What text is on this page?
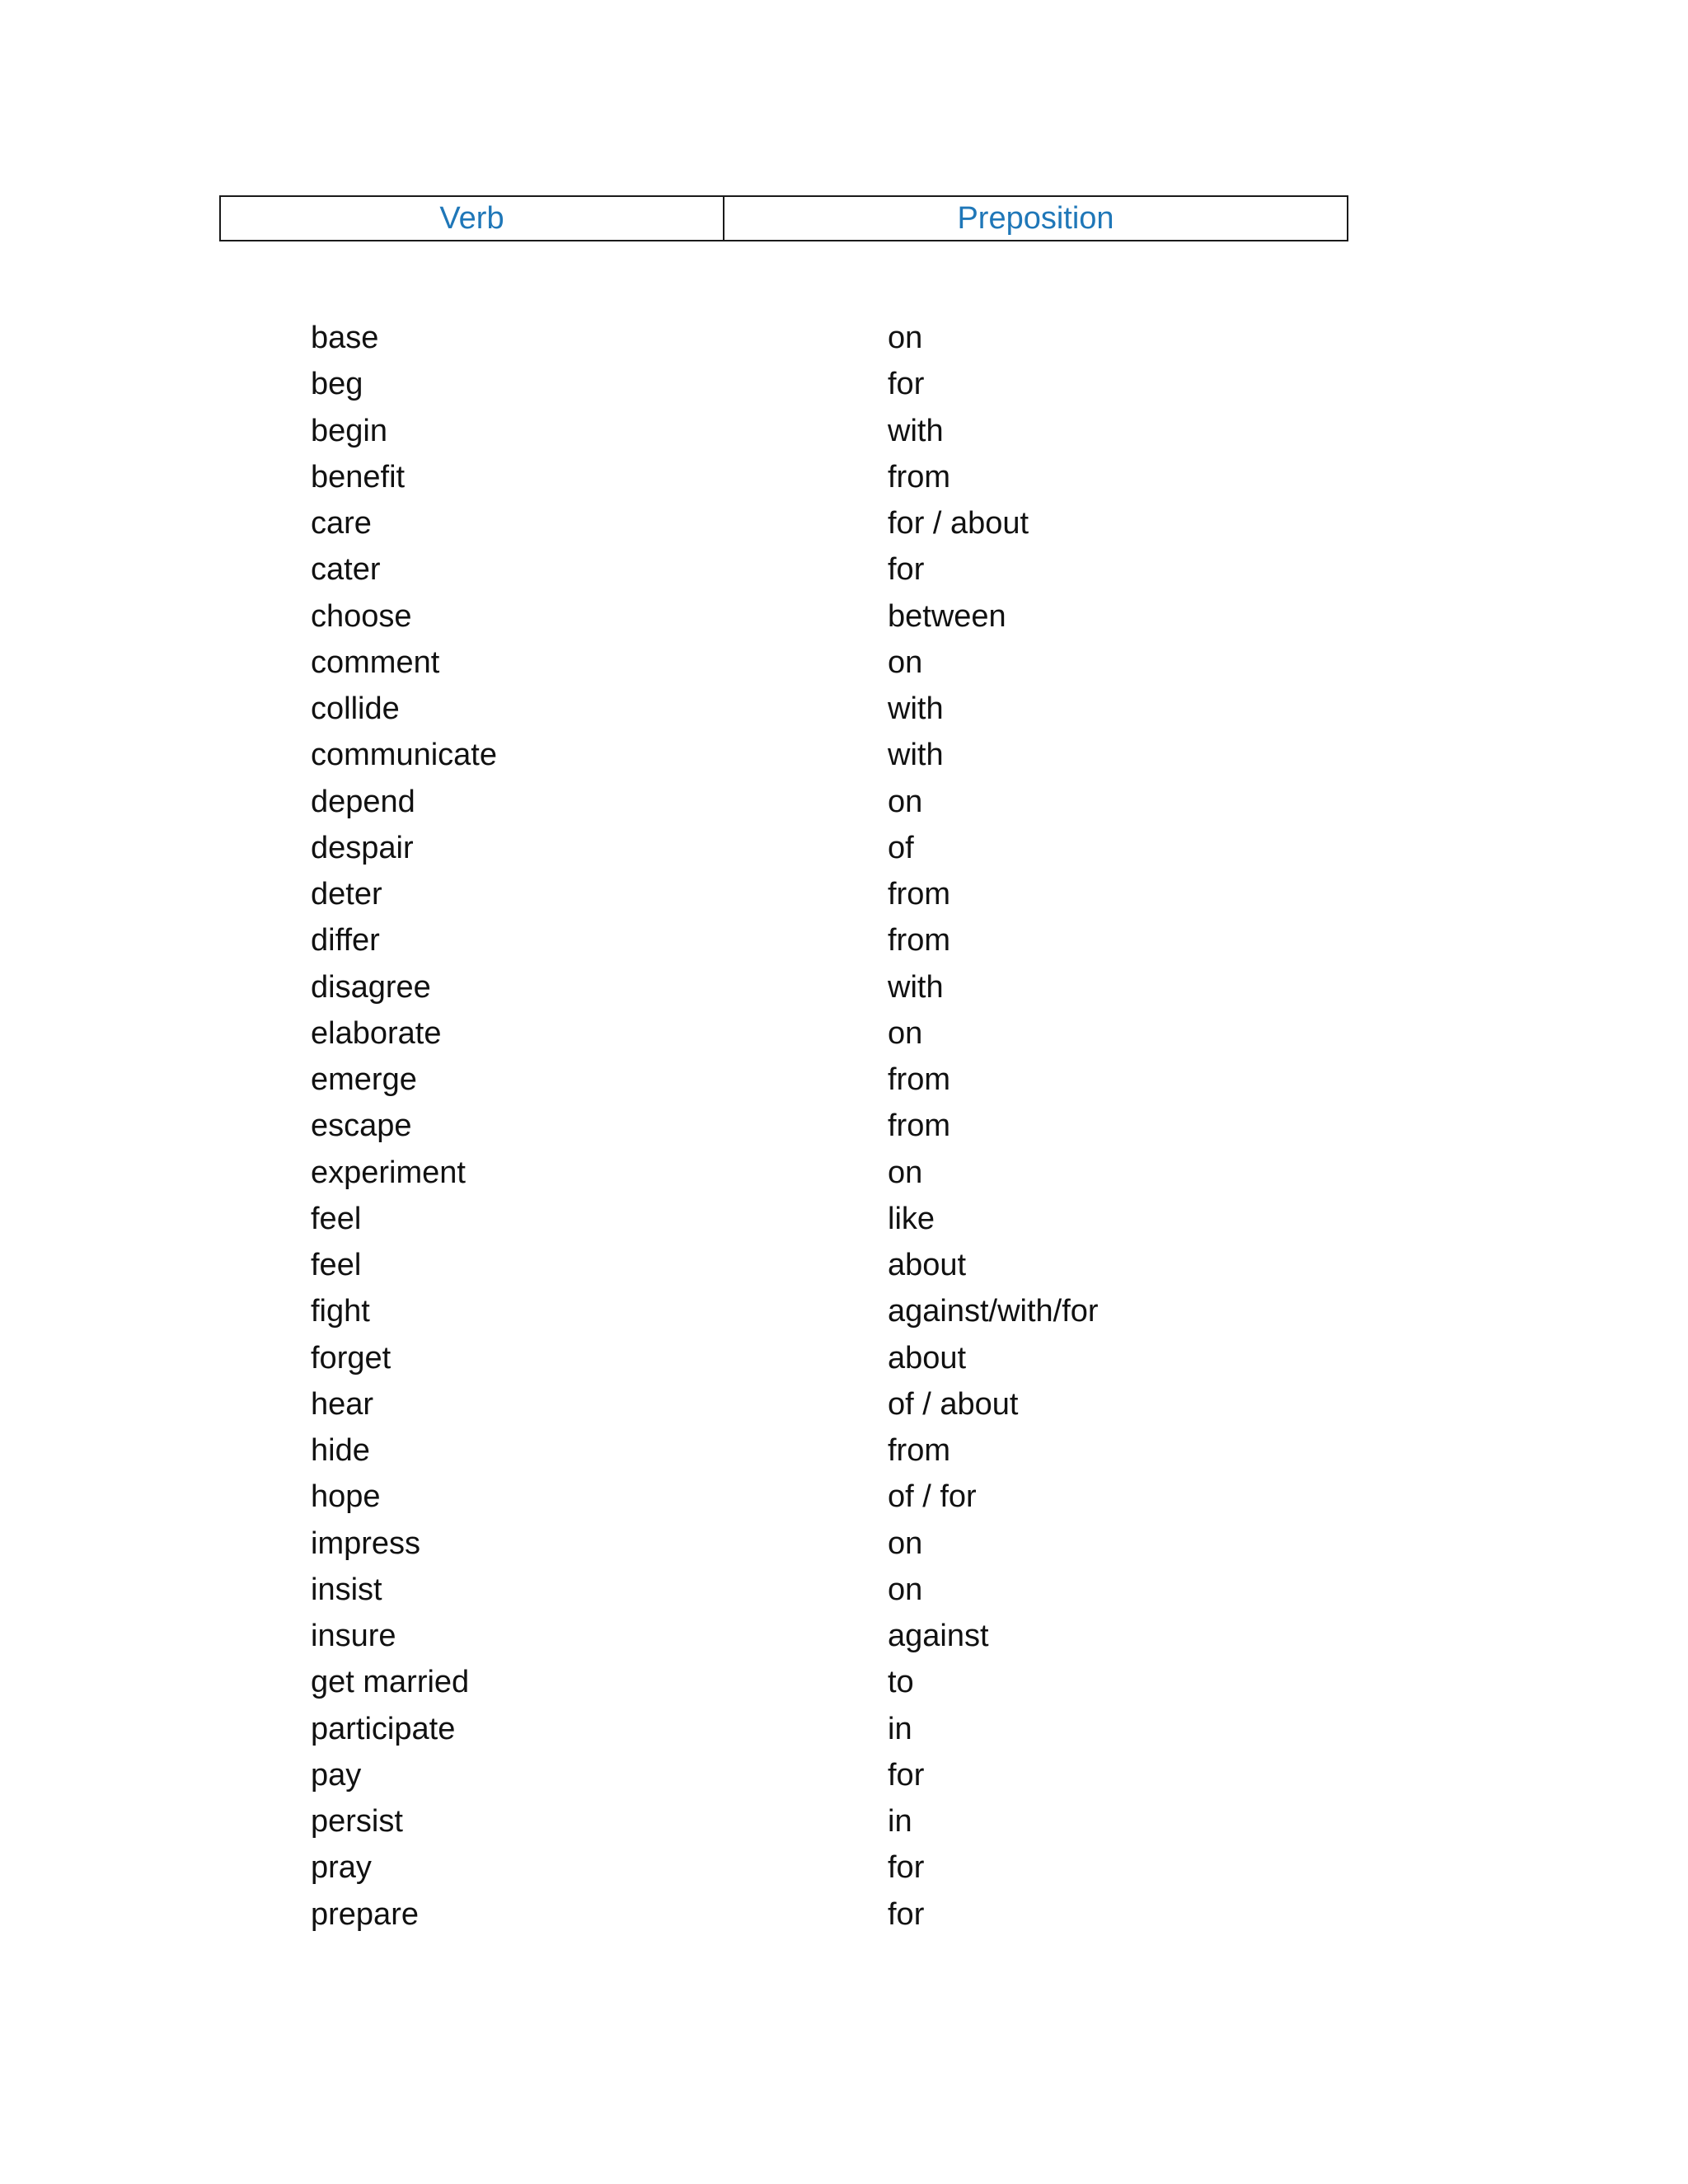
Verb	Preposition
base	on
beg	for
begin	with
benefit	from
care	for / about
cater	for
choose	between
comment	on
collide	with
communicate	with
depend	on
despair	of
deter	from
differ	from
disagree	with
elaborate	on
emerge	from
escape	from
experiment	on
feel	like
feel	about
fight	against/with/for
forget	about
hear	of / about
hide	from
hope	of / for
impress	on
insist	on
insure	against
get married	to
participate	in
pay	for
persist	in
pray	for
prepare	for
